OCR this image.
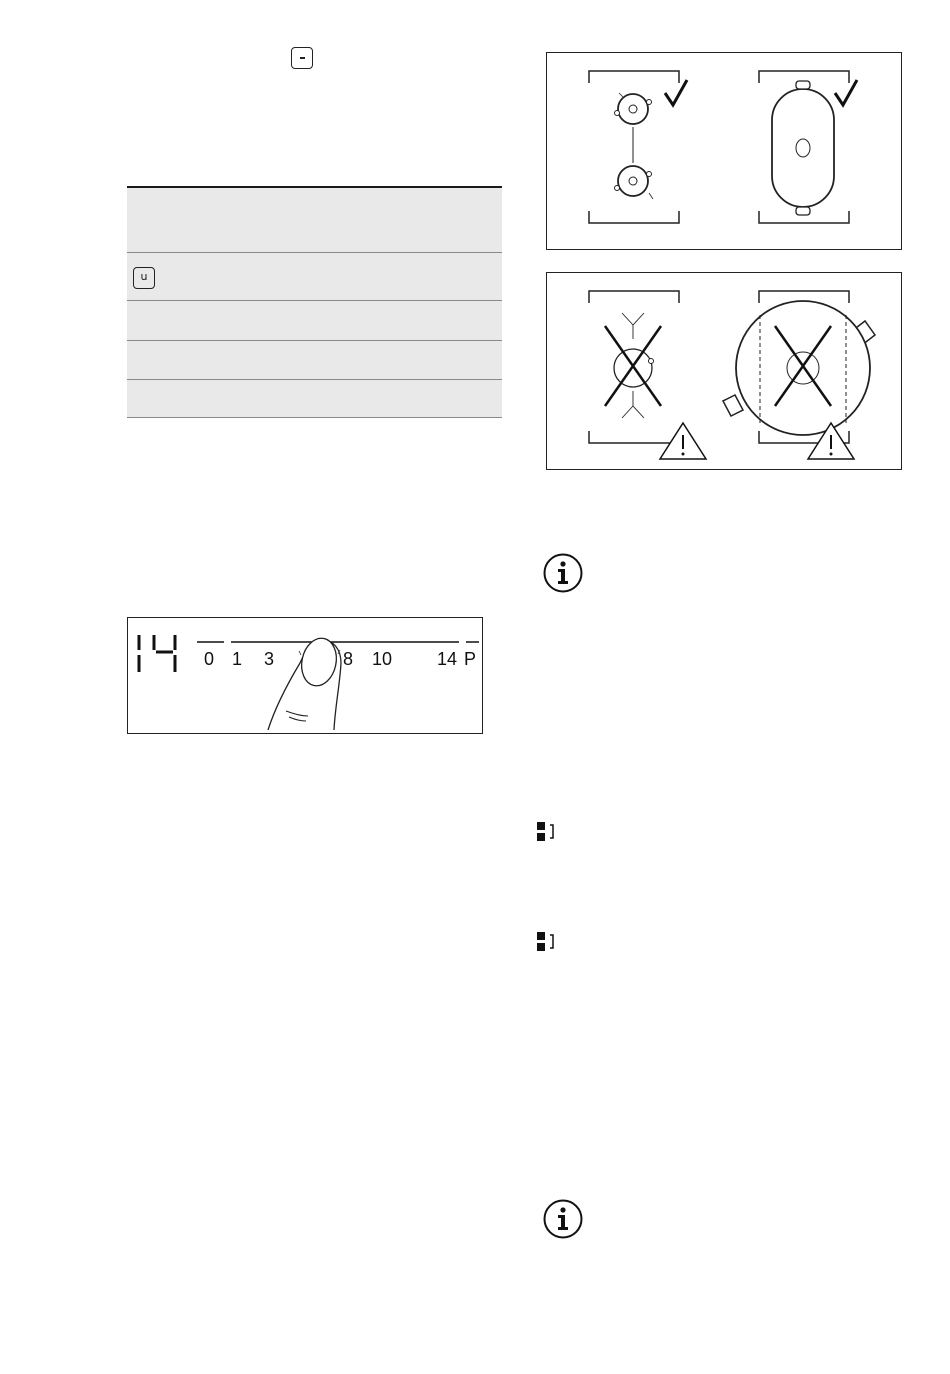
u
0 1 3	8 10 14 P
